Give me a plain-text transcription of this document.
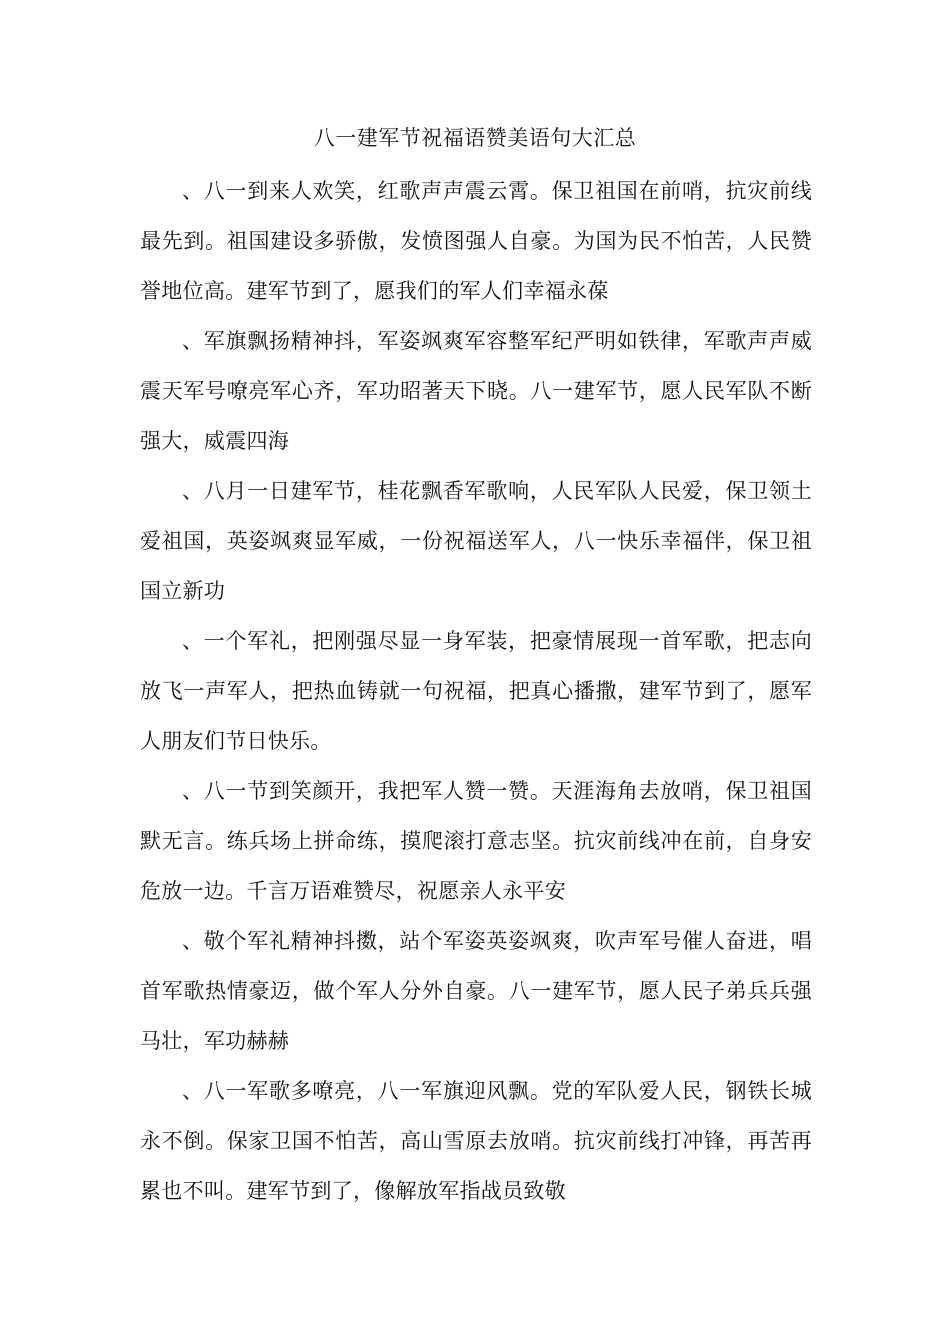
八一建军节祝福语赞美语句大汇总

、八一到来人欢笑，红歌声声震云霄。保卫祖国在前哨，抗灾前线最先到。祖国建设多骄傲，发愤图强人自豪。为国为民不怕苦，人民赞誉地位高。建军节到了，愿我们的军人们幸福永葆

、军旗飘扬精神抖，军姿飒爽军容整军纪严明如铁律，军歌声声威震天军号嘹亮军心齐，军功昭著天下晓。八一建军节，愿人民军队不断强大，威震四海

、八月一日建军节，桂花飘香军歌响，人民军队人民爱，保卫领土爱祖国，英姿飒爽显军威，一份祝福送军人，八一快乐幸福伴，保卫祖国立新功

、一个军礼，把刚强尽显一身军装，把豪情展现一首军歌，把志向放飞一声军人，把热血铸就一句祝福，把真心播撒，建军节到了，愿军人朋友们节日快乐。

、八一节到笑颜开，我把军人赞一赞。天涯海角去放哨，保卫祖国默无言。练兵场上拼命练，摸爬滚打意志坚。抗灾前线冲在前，自身安危放一边。千言万语难赞尽，祝愿亲人永平安

、敬个军礼精神抖擞，站个军姿英姿飒爽，吹声军号催人奋进，唱首军歌热情豪迈，做个军人分外自豪。八一建军节，愿人民子弟兵兵强马壮，军功赫赫

、八一军歌多嘹亮，八一军旗迎风飘。党的军队爱人民，钢铁长城永不倒。保家卫国不怕苦，高山雪原去放哨。抗灾前线打冲锋，再苦再累也不叫。建军节到了，像解放军指战员致敬
